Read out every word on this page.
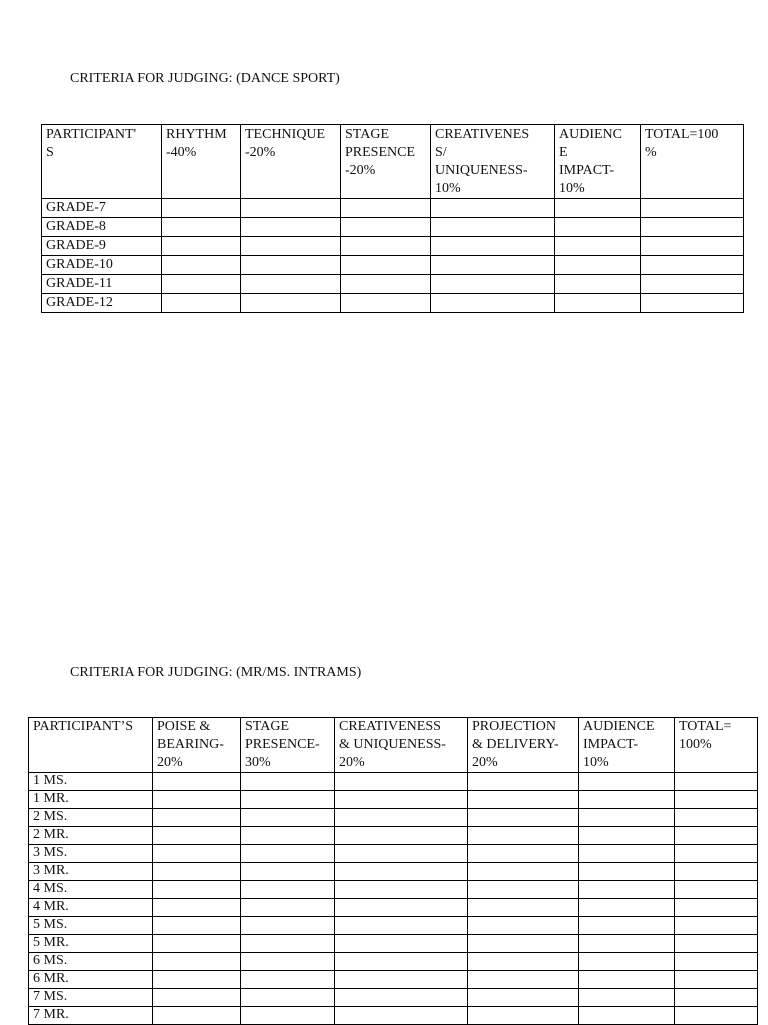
CRITERIA FOR JUDGING: (DANCE SPORT)
PARTICIPANT'
S	RHYTHM
-40%	TECHNIQUE
-20%	STAGE
PRESENCE
-20%	CREATIVENES
S/
UNIQUENESS-
10%	AUDIENC
E
IMPACT-
10%	TOTAL=100
%
GRADE-7						
GRADE-8						
GRADE-9						
GRADE-10						
GRADE-11						
GRADE-12						
CRITERIA FOR JUDGING: (MR/MS. INTRAMS)
PARTICIPANT’S	POISE &
BEARING-
20%	STAGE
PRESENCE-
30%	CREATIVENESS
& UNIQUENESS-
20%	PROJECTION
& DELIVERY-
20%	AUDIENCE
IMPACT-
10%	TOTAL=
100%
1 MS.						
1 MR.						
2 MS.						
2 MR.						
3 MS.						
3 MR.						
4 MS.						
4 MR.						
5 MS.						
5 MR.						
6 MS.						
6 MR.						
7 MS.						
7 MR.						
